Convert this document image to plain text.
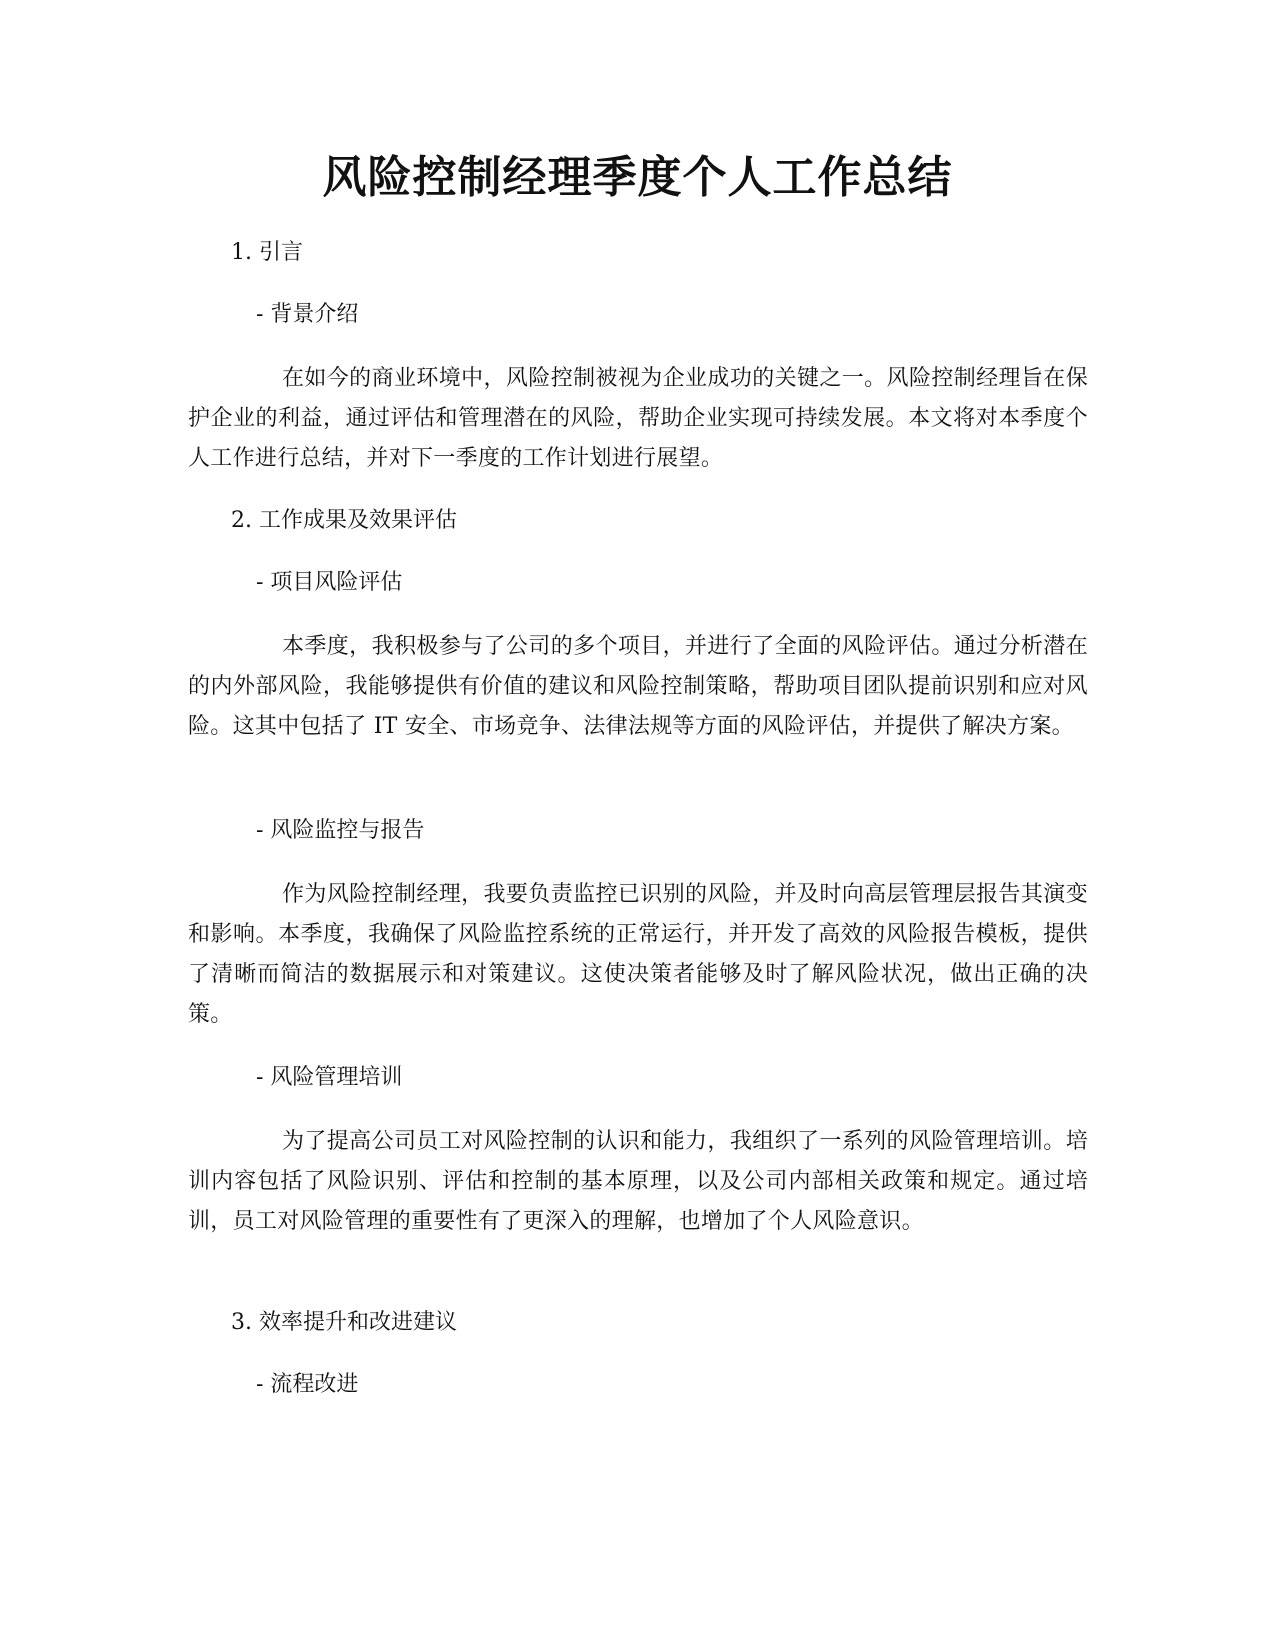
风险控制经理季度个人工作总结

1. 引言

- 背景介绍

在如今的商业环境中，风险控制被视为企业成功的关键之一。风险控制经理旨在保护企业的利益，通过评估和管理潜在的风险，帮助企业实现可持续发展。本文将对本季度个人工作进行总结，并对下一季度的工作计划进行展望。

2. 工作成果及效果评估

- 项目风险评估

本季度，我积极参与了公司的多个项目，并进行了全面的风险评估。通过分析潜在的内外部风险，我能够提供有价值的建议和风险控制策略，帮助项目团队提前识别和应对风险。这其中包括了 IT 安全、市场竞争、法律法规等方面的风险评估，并提供了解决方案。

- 风险监控与报告

作为风险控制经理，我要负责监控已识别的风险，并及时向高层管理层报告其演变和影响。本季度，我确保了风险监控系统的正常运行，并开发了高效的风险报告模板，提供了清晰而简洁的数据展示和对策建议。这使决策者能够及时了解风险状况，做出正确的决策。

- 风险管理培训

为了提高公司员工对风险控制的认识和能力，我组织了一系列的风险管理培训。培训内容包括了风险识别、评估和控制的基本原理，以及公司内部相关政策和规定。通过培训，员工对风险管理的重要性有了更深入的理解，也增加了个人风险意识。

3. 效率提升和改进建议

- 流程改进
